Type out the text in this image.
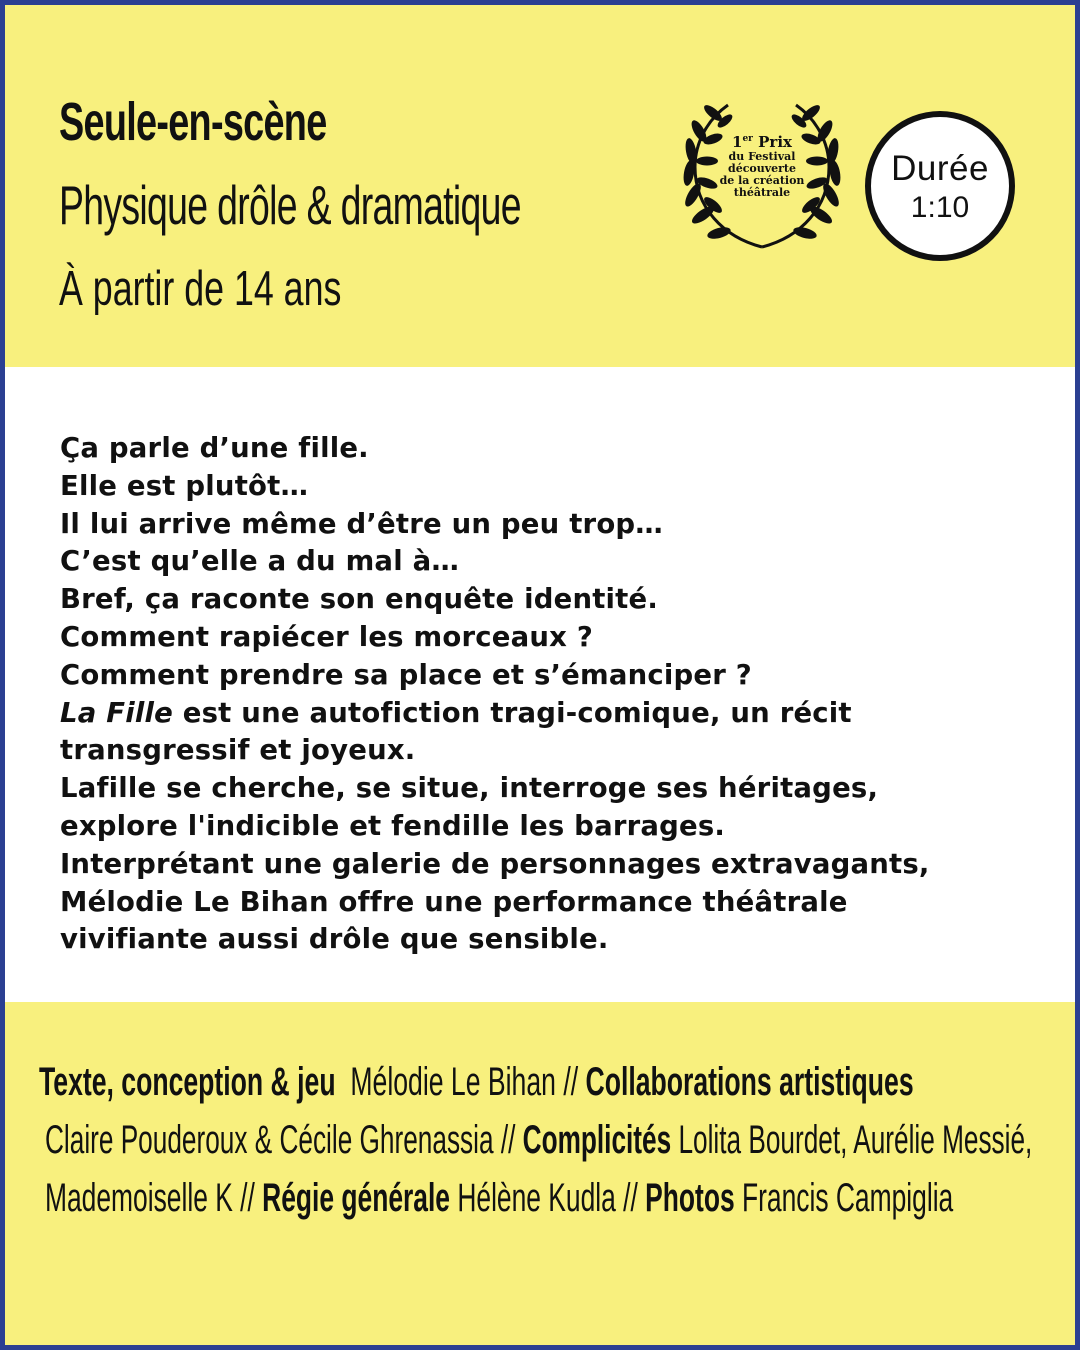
Seule-en-scène
Physique drôle & dramatique
À partir de 14 ans
1er Prix
du Festival
découverte
de la création
théâtrale
Durée
1:10
Ça parle d’une fille.
Elle est plutôt…
Il lui arrive même d’être un peu trop…
C’est qu’elle a du mal à…
Bref, ça raconte son enquête identité.
Comment rapiécer les morceaux ?
Comment prendre sa place et s’émanciper ?
La Fille est une autofiction tragi-comique, un récit
transgressif et joyeux.
Lafille se cherche, se situe, interroge ses héritages,
explore l'indicible et fendille les barrages.
Interprétant une galerie de personnages extravagants,
Mélodie Le Bihan offre une performance théâtrale
vivifiante aussi drôle que sensible.
Texte, conception & jeu Mélodie Le Bihan // Collaborations artistiques
Claire Pouderoux & Cécile Ghrenassia // Complicités Lolita Bourdet, Aurélie Messié,
Mademoiselle K // Régie générale Hélène Kudla // Photos Francis Campiglia
